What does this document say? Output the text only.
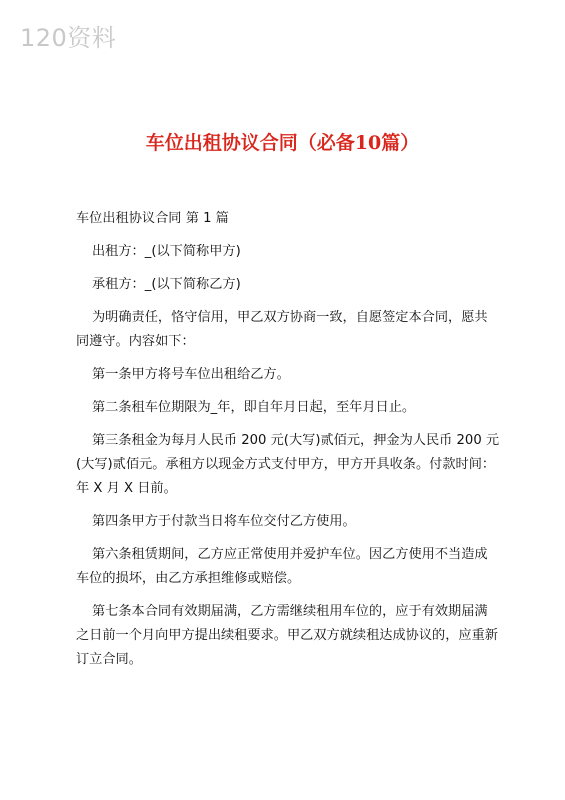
120资料
车位出租协议合同（必备10篇）

车位出租协议合同 第 1 篇

出租方：_(以下简称甲方)

承租方：_(以下简称乙方)

为明确责任，恪守信用，甲乙双方协商一致，自愿签定本合同，愿共同遵守。内容如下：

第一条甲方将号车位出租给乙方。

第二条租车位期限为_年，即自年月日起，至年月日止。

第三条租金为每月人民币 200 元(大写)贰佰元，押金为人民币 200 元(大写)贰佰元。承租方以现金方式支付甲方，甲方开具收条。付款时间：年 X 月 X 日前。

第四条甲方于付款当日将车位交付乙方使用。

第六条租赁期间，乙方应正常使用并爱护车位。因乙方使用不当造成车位的损坏，由乙方承担维修或赔偿。

第七条本合同有效期届满，乙方需继续租用车位的，应于有效期届满之日前一个月向甲方提出续租要求。甲乙双方就续租达成协议的，应重新订立合同。
